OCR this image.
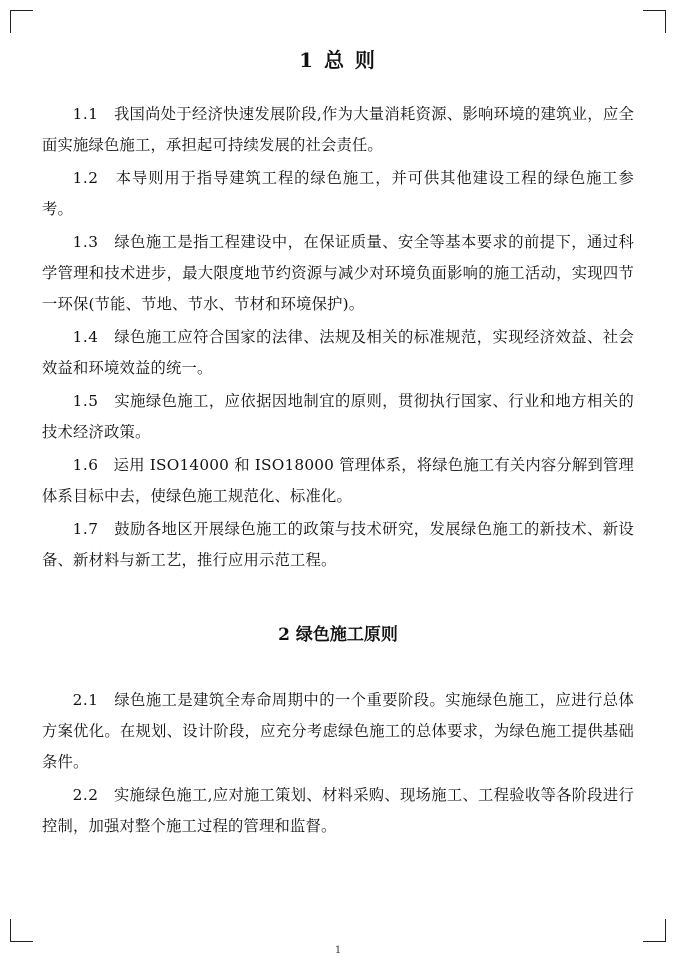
1 总 则

1.1 我国尚处于经济快速发展阶段,作为大量消耗资源、影响环境的建筑业，应全面实施绿色施工，承担起可持续发展的社会责任。

1.2 本导则用于指导建筑工程的绿色施工，并可供其他建设工程的绿色施工参考。

1.3 绿色施工是指工程建设中，在保证质量、安全等基本要求的前提下，通过科学管理和技术进步，最大限度地节约资源与减少对环境负面影响的施工活动，实现四节一环保(节能、节地、节水、节材和环境保护)。

1.4 绿色施工应符合国家的法律、法规及相关的标准规范，实现经济效益、社会效益和环境效益的统一。

1.5 实施绿色施工，应依据因地制宜的原则，贯彻执行国家、行业和地方相关的技术经济政策。

1.6 运用 ISO14000 和 ISO18000 管理体系，将绿色施工有关内容分解到管理体系目标中去，使绿色施工规范化、标准化。

1.7 鼓励各地区开展绿色施工的政策与技术研究，发展绿色施工的新技术、新设备、新材料与新工艺，推行应用示范工程。

2 绿色施工原则

2.1 绿色施工是建筑全寿命周期中的一个重要阶段。实施绿色施工，应进行总体方案优化。在规划、设计阶段，应充分考虑绿色施工的总体要求，为绿色施工提供基础条件。

2.2 实施绿色施工,应对施工策划、材料采购、现场施工、工程验收等各阶段进行控制，加强对整个施工过程的管理和监督。

1
